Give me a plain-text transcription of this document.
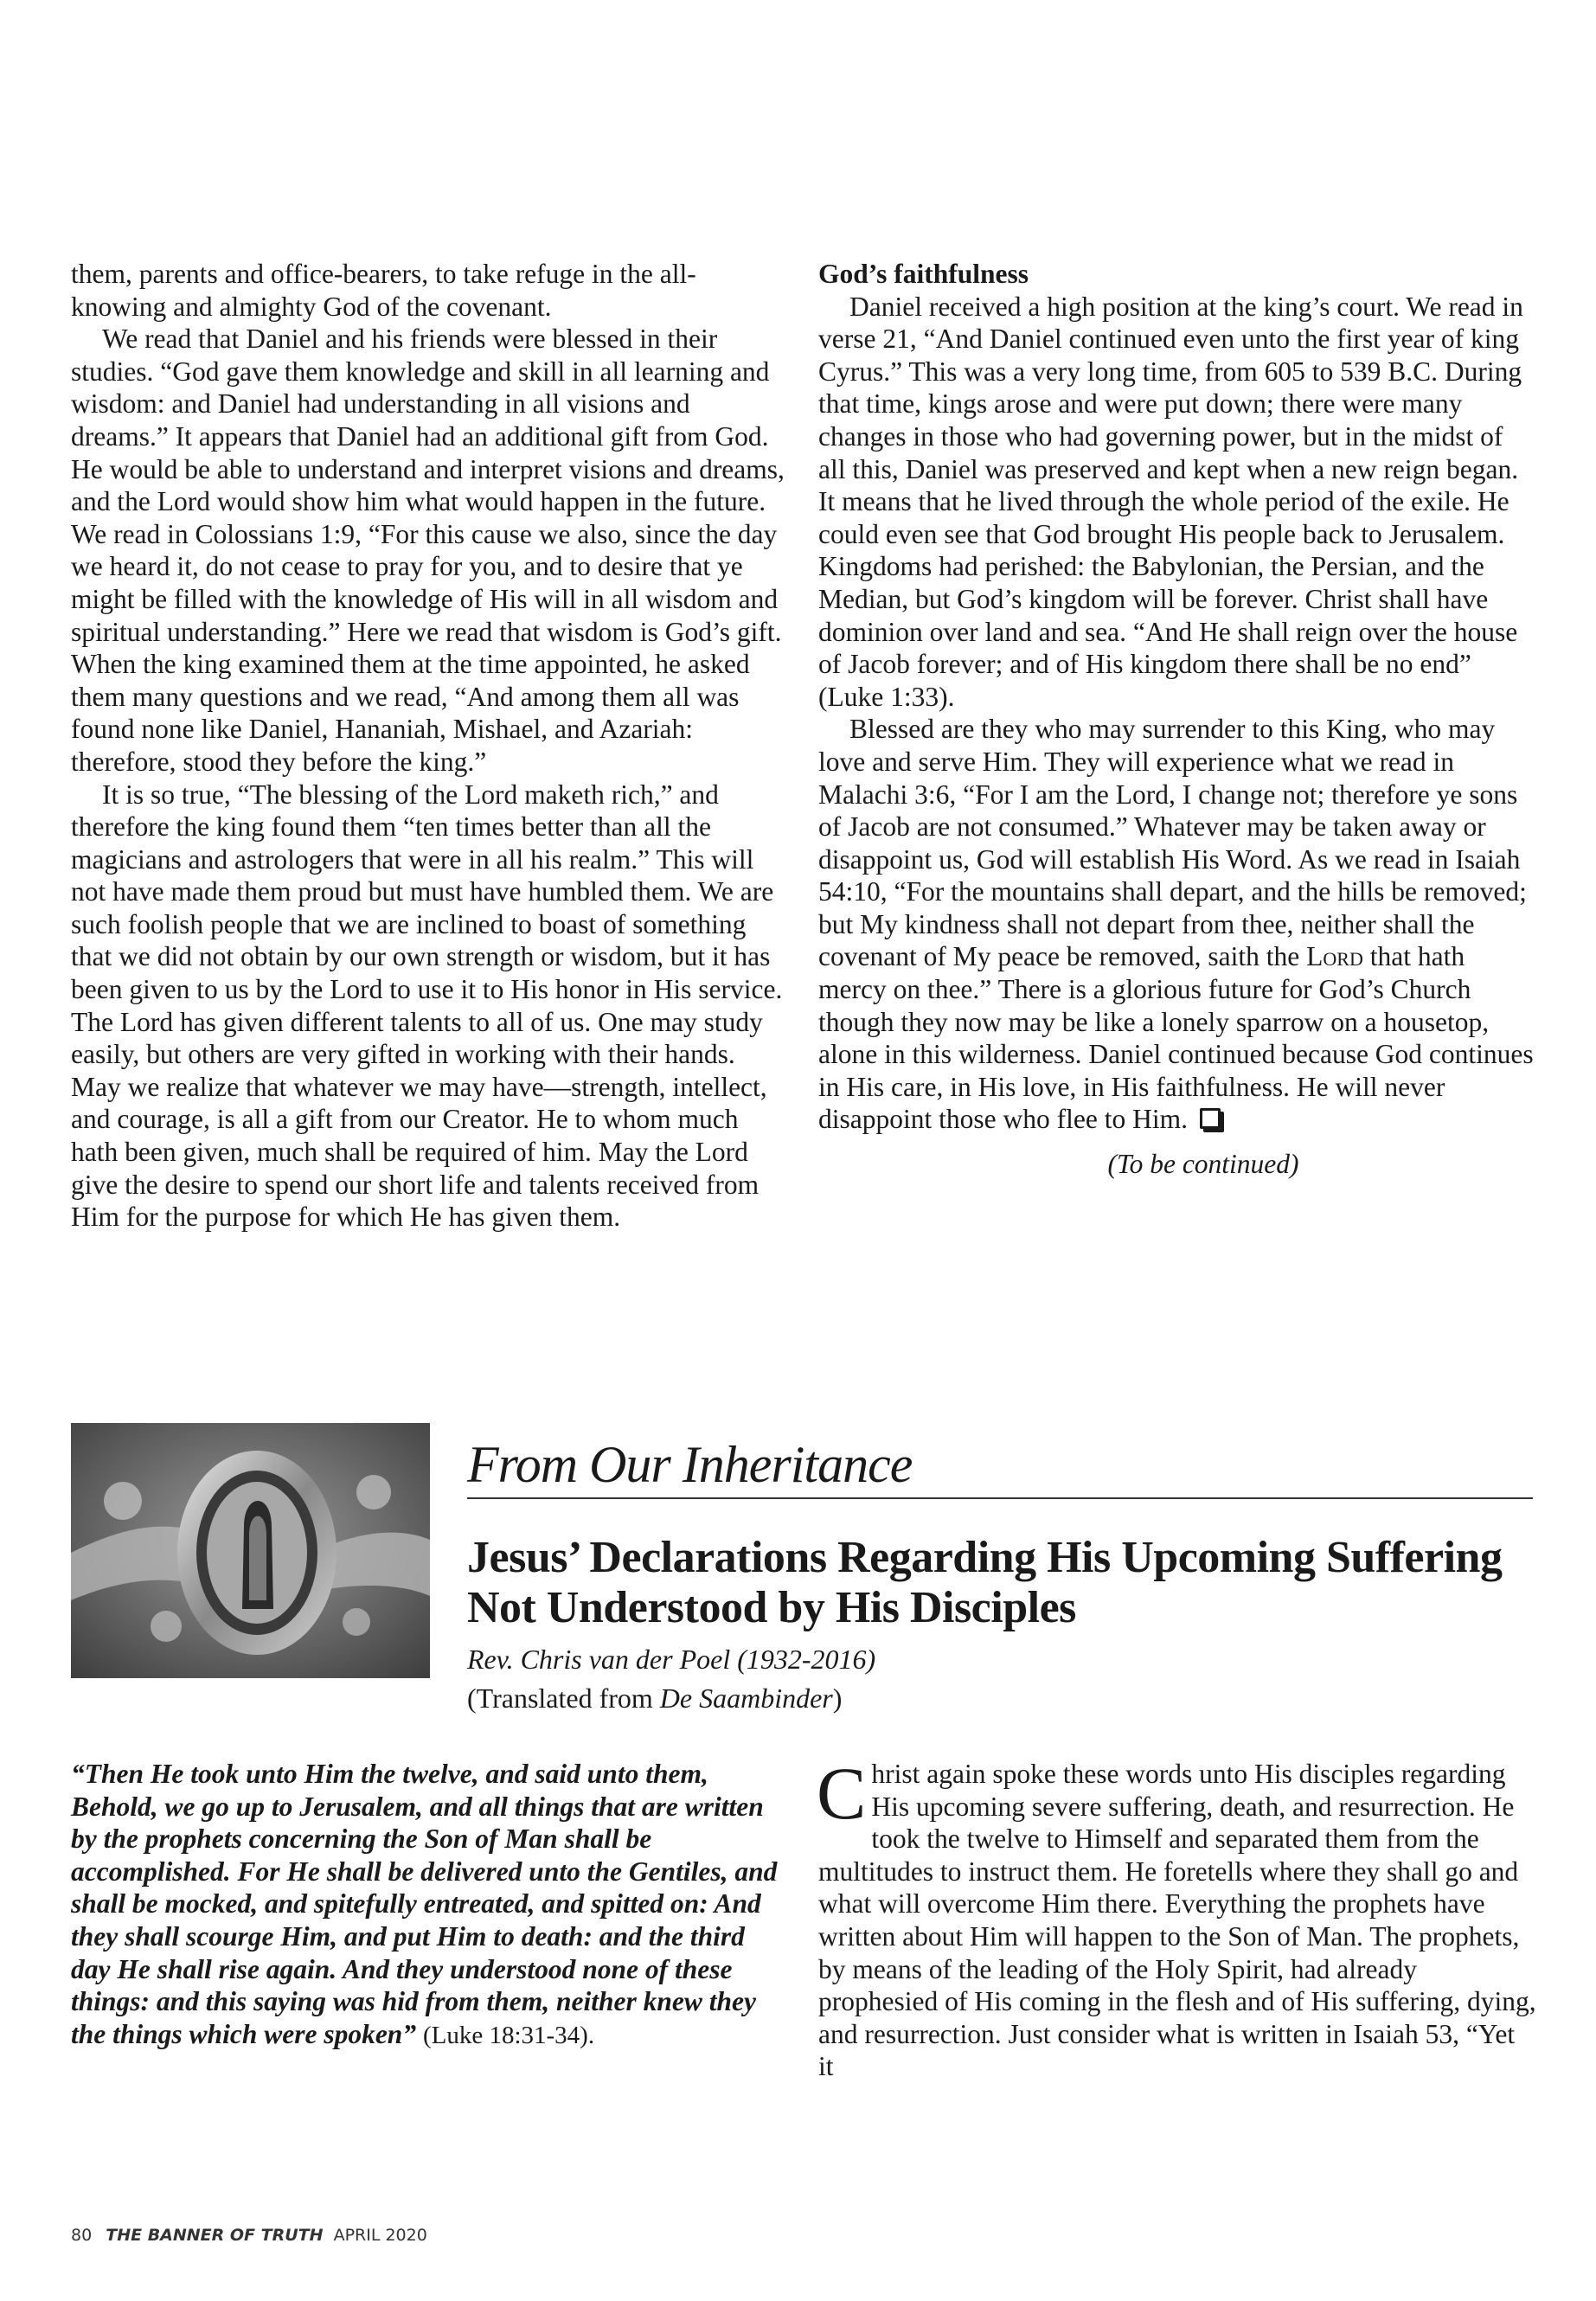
them, parents and office-bearers, to take refuge in the all-knowing and almighty God of the covenant.

We read that Daniel and his friends were blessed in their studies. “God gave them knowledge and skill in all learning and wisdom: and Daniel had understanding in all visions and dreams.” It appears that Daniel had an additional gift from God. He would be able to understand and interpret visions and dreams, and the Lord would show him what would happen in the future. We read in Colossians 1:9, “For this cause we also, since the day we heard it, do not cease to pray for you, and to desire that ye might be filled with the knowledge of His will in all wisdom and spiritual understanding.” Here we read that wisdom is God’s gift. When the king examined them at the time appointed, he asked them many questions and we read, “And among them all was found none like Daniel, Hananiah, Mishael, and Azariah: therefore, stood they before the king.”

It is so true, “The blessing of the Lord maketh rich,” and therefore the king found them “ten times better than all the magicians and astrologers that were in all his realm.” This will not have made them proud but must have humbled them. We are such foolish people that we are inclined to boast of something that we did not obtain by our own strength or wisdom, but it has been given to us by the Lord to use it to His honor in His service. The Lord has given different talents to all of us. One may study easily, but others are very gifted in working with their hands. May we realize that whatever we may have—strength, intellect, and courage, is all a gift from our Creator. He to whom much hath been given, much shall be required of him. May the Lord give the desire to spend our short life and talents received from Him for the purpose for which He has given them.

God’s faithfulness

Daniel received a high position at the king’s court. We read in verse 21, “And Daniel continued even unto the first year of king Cyrus.” This was a very long time, from 605 to 539 B.C. During that time, kings arose and were put down; there were many changes in those who had governing power, but in the midst of all this, Daniel was preserved and kept when a new reign began. It means that he lived through the whole period of the exile. He could even see that God brought His people back to Jerusalem. Kingdoms had perished: the Babylonian, the Persian, and the Median, but God’s kingdom will be forever. Christ shall have dominion over land and sea. “And He shall reign over the house of Jacob forever; and of His kingdom there shall be no end” (Luke 1:33).

Blessed are they who may surrender to this King, who may love and serve Him. They will experience what we read in Malachi 3:6, “For I am the Lord, I change not; therefore ye sons of Jacob are not consumed.” Whatever may be taken away or disappoint us, God will establish His Word. As we read in Isaiah 54:10, “For the mountains shall depart, and the hills be removed; but My kindness shall not depart from thee, neither shall the covenant of My peace be removed, saith the Lord that hath mercy on thee.” There is a glorious future for God’s Church though they now may be like a lonely sparrow on a housetop, alone in this wilderness. Daniel continued because God continues in His care, in His love, in His faithfulness. He will never disappoint those who flee to Him.

(To be continued)

From Our Inheritance
Jesus’ Declarations Regarding His Upcoming Suffering Not Understood by His Disciples
Rev. Chris van der Poel (1932-2016)
(Translated from De Saambinder)

“Then He took unto Him the twelve, and said unto them, Behold, we go up to Jerusalem, and all things that are written by the prophets concerning the Son of Man shall be accomplished. For He shall be delivered unto the Gentiles, and shall be mocked, and spitefully entreated, and spitted on: And they shall scourge Him, and put Him to death: and the third day He shall rise again. And they understood none of these things: and this saying was hid from them, neither knew they the things which were spoken” (Luke 18:31-34).

Christ again spoke these words unto His disciples regarding His upcoming severe suffering, death, and resurrection. He took the twelve to Himself and separated them from the multitudes to instruct them. He foretells where they shall go and what will overcome Him there. Everything the prophets have written about Him will happen to the Son of Man. The prophets, by means of the leading of the Holy Spirit, had already prophesied of His coming in the flesh and of His suffering, dying, and resurrection. Just consider what is written in Isaiah 53, “Yet it

80 THE BANNER OF TRUTH APRIL 2020
